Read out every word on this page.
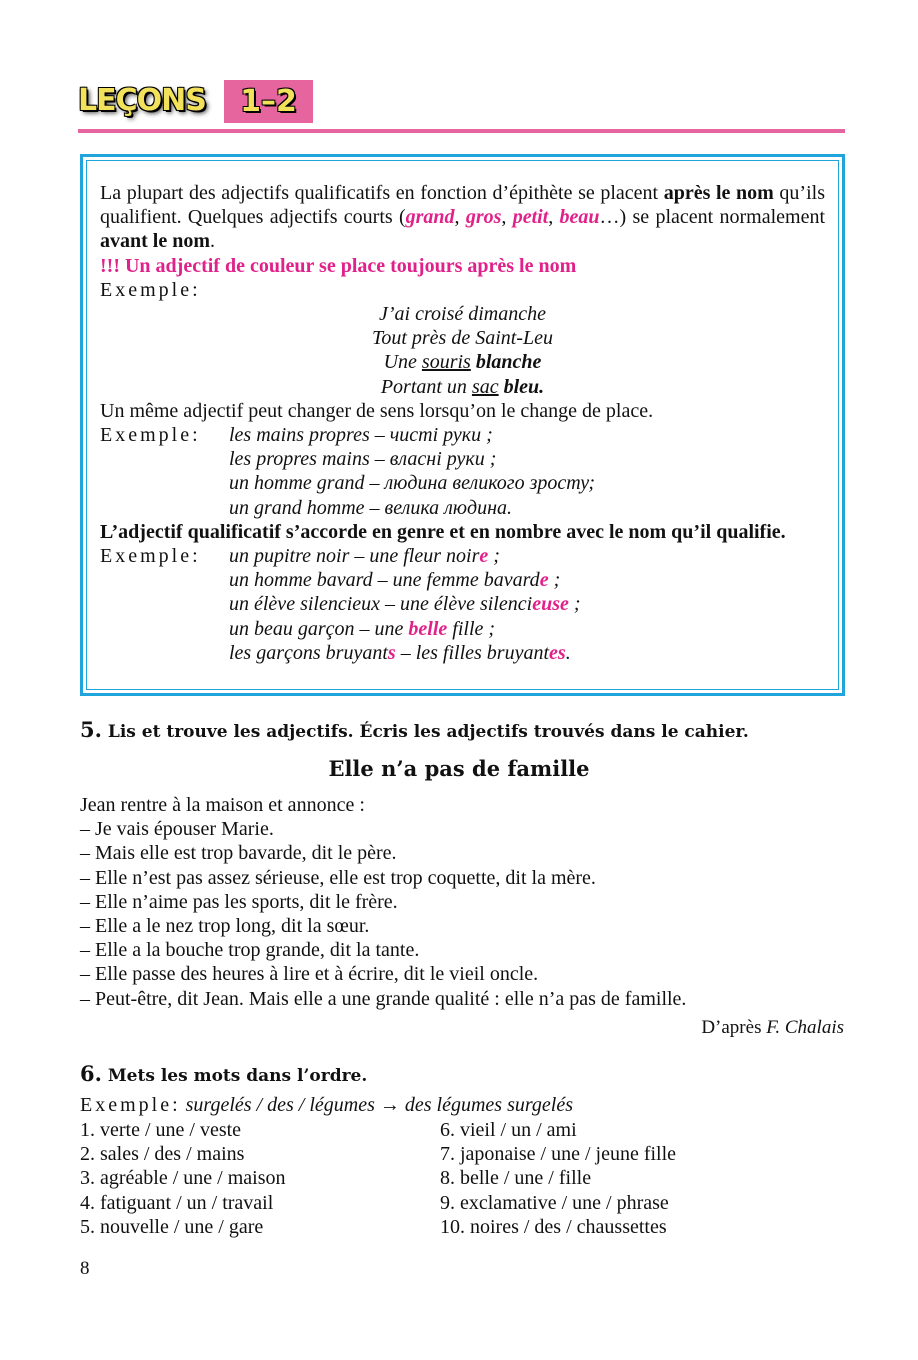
LEÇONS	1–2
La plupart des adjectifs qualificatifs en fonction d’épithète se placent après le nom qu’ils qualifient. Quelques adjectifs courts (grand, gros, petit, beau…) se placent normalement avant le nom.
!!! Un adjectif de couleur se place toujours après le nom
Exemple:
J’ai croisé dimanche
Tout près de Saint-Leu
Une souris blanche
Portant un sac bleu.
Un même adjectif peut changer de sens lorsqu’on le change de place.
Exemple:	les mains propres – чисті руки ;
les propres mains – власні руки ;
un homme grand – людина великого зросту;
un grand homme – велика людина.
L’adjectif qualificatif s’accorde en genre et en nombre avec le nom qu’il qualifie.
Exemple:	un pupitre noir – une fleur noire ;
un homme bavard – une femme bavarde ;
un élève silencieux – une élève silencieuse ;
un beau garçon – une belle fille ;
les garçons bruyants – les filles bruyantes.
5. Lis et trouve les adjectifs. Écris les adjectifs trouvés dans le cahier.
Elle n’a pas de famille
Jean rentre à la maison et annonce :
– Je vais épouser Marie.
– Mais elle est trop bavarde, dit le père.
– Elle n’est pas assez sérieuse, elle est trop coquette, dit la mère.
– Elle n’aime pas les sports, dit le frère.
– Elle a le nez trop long, dit la sœur.
– Elle a la bouche trop grande, dit la tante.
– Elle passe des heures à lire et à écrire, dit le vieil oncle.
– Peut-être, dit Jean. Mais elle a une grande qualité : elle n’a pas de famille.
D’après F. Chalais
6. Mets les mots dans l’ordre.
Exemple: surgelés / des / légumes → des légumes surgelés
1. verte / une / veste
2. sales / des / mains
3. agréable / une / maison
4. fatiguant / un / travail
5. nouvelle / une / gare
6. vieil / un / ami
7. japonaise / une / jeune fille
8. belle / une / fille
9. exclamative / une / phrase
10. noires / des / chaussettes
8
